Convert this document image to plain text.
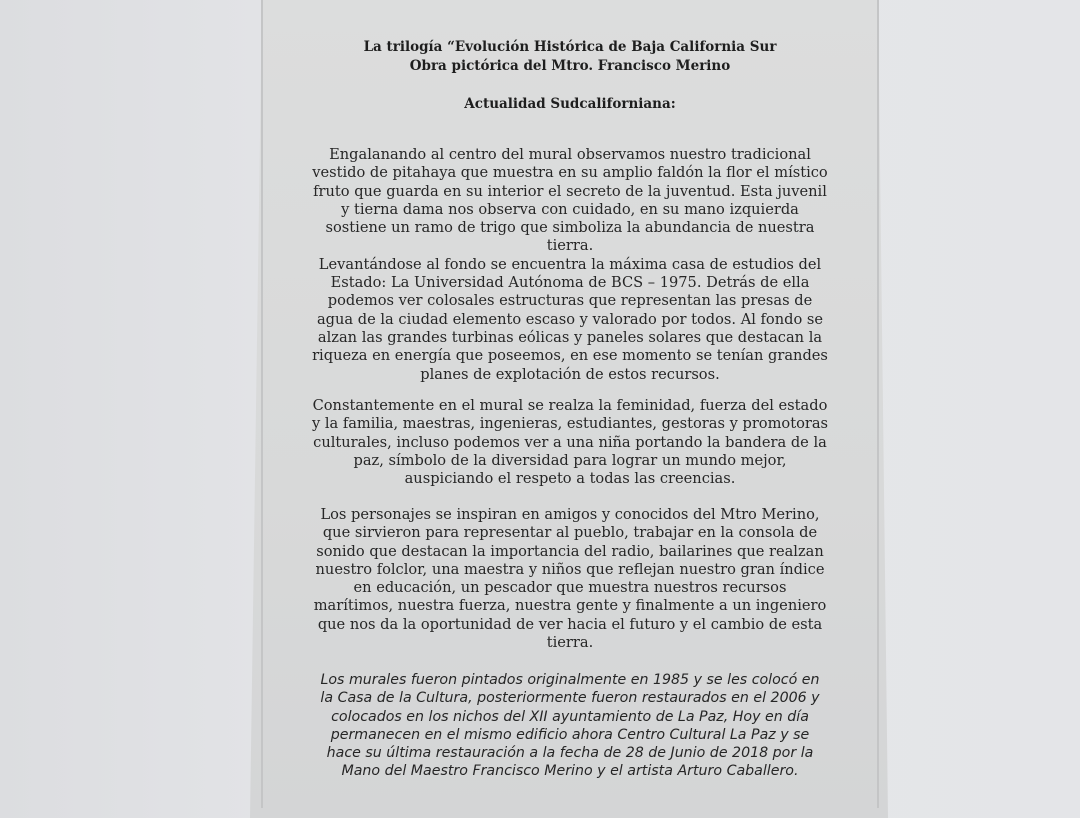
La trilogía “Evolución Histórica de Baja California Sur
Obra pictórica del Mtro. Francisco Merino
Actualidad Sudcaliforniana:
Engalanando al centro del mural observamos nuestro tradicional
vestido de pitahaya que muestra en su amplio faldón la flor el místico
fruto que guarda en su interior el secreto de la juventud. Esta juvenil
y tierna dama nos observa con cuidado, en su mano izquierda
sostiene un ramo de trigo que simboliza la abundancia de nuestra
tierra.
Levantándose al fondo se encuentra la máxima casa de estudios del
Estado: La Universidad Autónoma de BCS – 1975. Detrás de ella
podemos ver colosales estructuras que representan las presas de
agua de la ciudad elemento escaso y valorado por todos. Al fondo se
alzan las grandes turbinas eólicas y paneles solares que destacan la
riqueza en energía que poseemos, en ese momento se tenían grandes
planes de explotación de estos recursos.
Constantemente en el mural se realza la feminidad, fuerza del estado
y la familia, maestras, ingenieras, estudiantes, gestoras y promotoras
culturales, incluso podemos ver a una niña portando la bandera de la
paz, símbolo de la diversidad para lograr un mundo mejor,
auspiciando el respeto a todas las creencias.
Los personajes se inspiran en amigos y conocidos del Mtro Merino,
que sirvieron para representar al pueblo, trabajar en la consola de
sonido que destacan la importancia del radio, bailarines que realzan
nuestro folclor, una maestra y niños que reflejan nuestro gran índice
en educación, un pescador que muestra nuestros recursos
marítimos, nuestra fuerza, nuestra gente y finalmente a un ingeniero
que nos da la oportunidad de ver hacia el futuro y el cambio de esta
tierra.
Los murales fueron pintados originalmente en 1985 y se les colocó en
la Casa de la Cultura, posteriormente fueron restaurados en el 2006 y
colocados en los nichos del XII ayuntamiento de La Paz, Hoy en día
permanecen en el mismo edificio ahora Centro Cultural La Paz y se
hace su última restauración a la fecha de 28 de Junio de 2018 por la
Mano del Maestro Francisco Merino y el artista Arturo Caballero.
